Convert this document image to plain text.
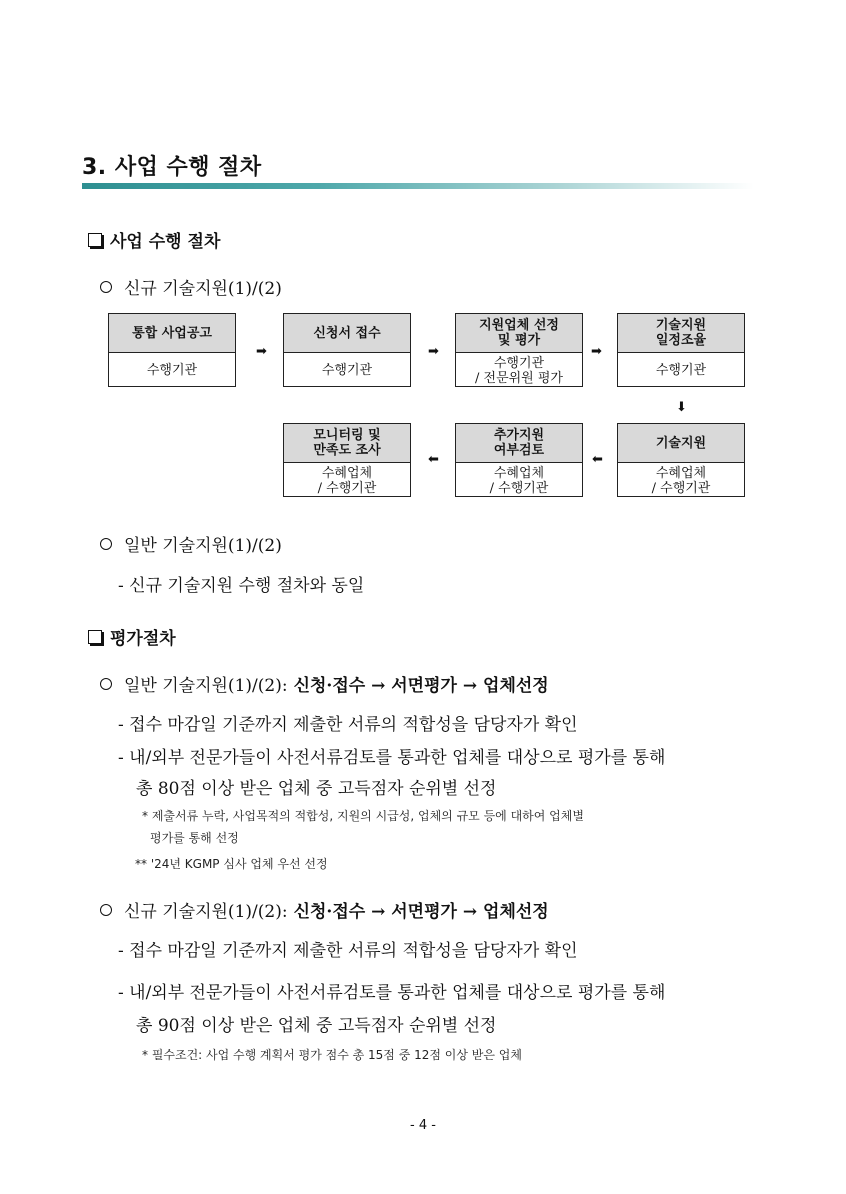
3. 사업 수행 절차
사업 수행 절차
신규 기술지원(1)/(2)
통합 사업공고
수행기관
신청서 접수
수행기관
지원업체 선정
및 평가
수행기관
/ 전문위원 평가
기술지원
일정조율
수행기관
기술지원
수혜업체
/ 수행기관
추가지원
여부검토
수혜업체
/ 수행기관
모니터링 및
만족도 조사
수혜업체
/ 수행기관
➡	➡	➡
⬇
⬅
⬅
일반 기술지원(1)/(2)
- 신규 기술지원 수행 절차와 동일
평가절차
일반 기술지원(1)/(2): 신청·접수 → 서면평가 → 업체선정
- 접수 마감일 기준까지 제출한 서류의 적합성을 담당자가 확인
- 내/외부 전문가들이 사전서류검토를 통과한 업체를 대상으로 평가를 통해
총 80점 이상 받은 업체 중 고득점자 순위별 선정
* 제출서류 누락, 사업목적의 적합성, 지원의 시급성, 업체의 규모 등에 대하여 업체별
평가를 통해 선정
** '24년 KGMP 심사 업체 우선 선정
신규 기술지원(1)/(2): 신청·접수 → 서면평가 → 업체선정
- 접수 마감일 기준까지 제출한 서류의 적합성을 담당자가 확인
- 내/외부 전문가들이 사전서류검토를 통과한 업체를 대상으로 평가를 통해
총 90점 이상 받은 업체 중 고득점자 순위별 선정
* 필수조건: 사업 수행 계획서 평가 점수 총 15점 중 12점 이상 받은 업체
- 4 -
